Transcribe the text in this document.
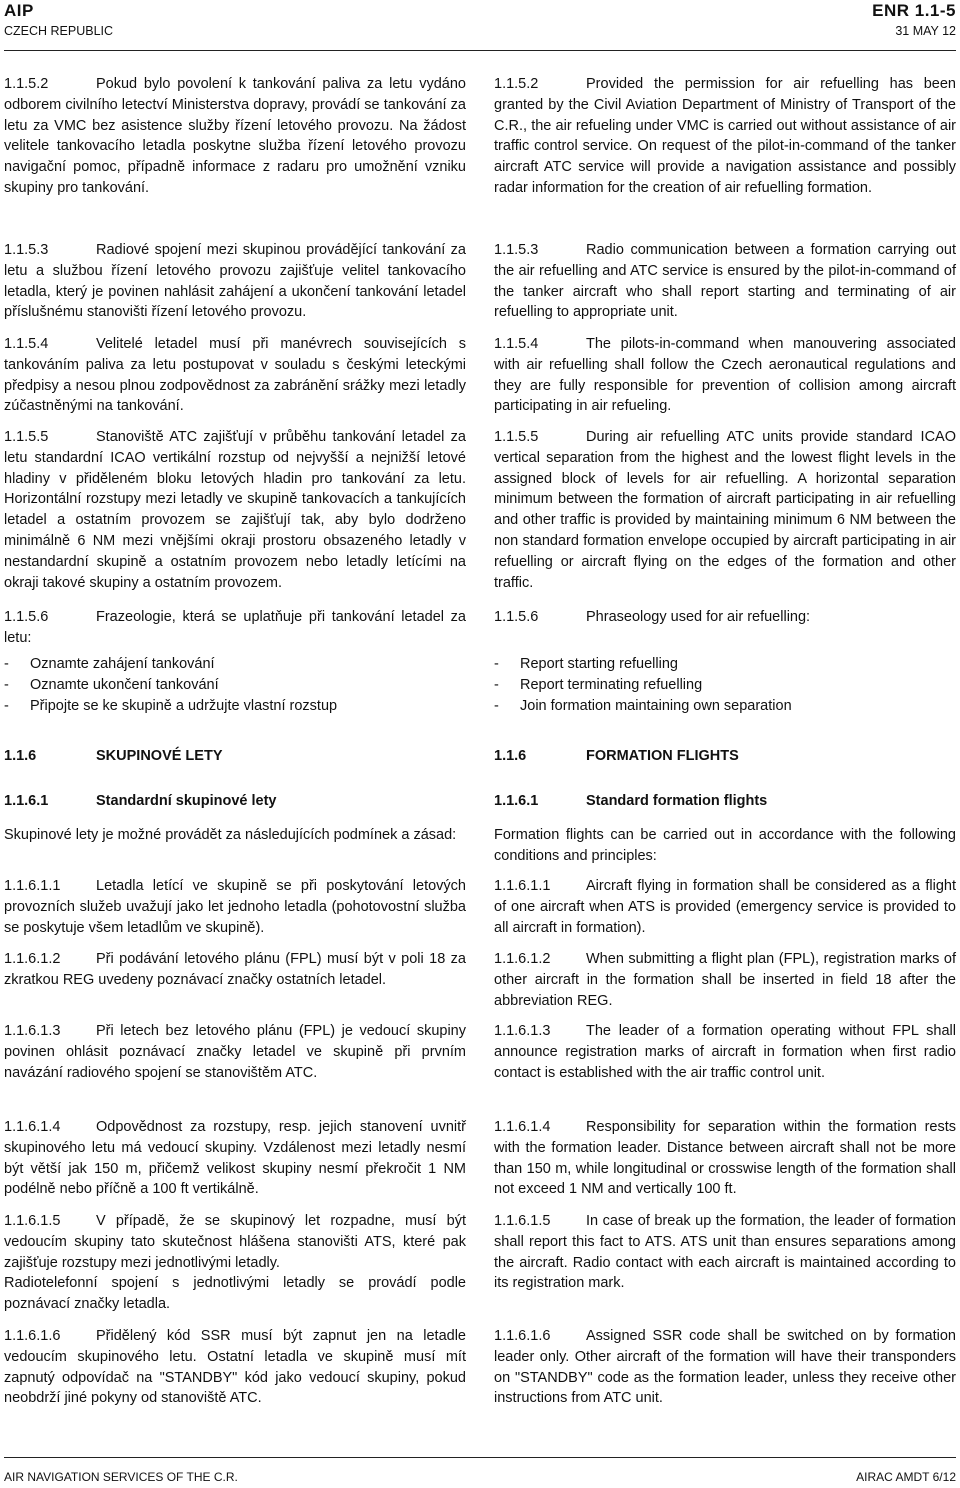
AIP
CZECH REPUBLIC
ENR 1.1-5
31 MAY 12
1.1.5.2	Pokud bylo povolení k tankování paliva za letu vydáno odborem civilního letectví Ministerstva dopravy, provádí se tankování za letu za VMC bez asistence služby řízení letového provozu. Na žádost velitele tankovacího letadla poskytne služba řízení letového provozu navigační pomoc, případně informace z radaru pro umožnění vzniku skupiny pro tankování.
1.1.5.3	Radiové spojení mezi skupinou provádějící tankování za letu a službou řízení letového provozu zajišťuje velitel tankovacího letadla, který je povinen nahlásit zahájení a ukončení tankování letadel příslušnému stanovišti řízení letového provozu.
1.1.5.4	Velitelé letadel musí při manévrech souvisejících s tankováním paliva za letu postupovat v souladu s českými leteckými předpisy a nesou plnou zodpovědnost za zabránění srážky mezi letadly zúčastněnými na tankování.
1.1.5.5	Stanoviště ATC zajišťují v průběhu tankování letadel za letu standardní ICAO vertikální rozstup od nejvyšší a nejnižší letové hladiny v přiděleném bloku letových hladin pro tankování za letu. Horizontální rozstupy mezi letadly ve skupině tankovacích a tankujících letadel a ostatním provozem se zajišťují tak, aby bylo dodrženo minimálně 6 NM mezi vnějšími okraji prostoru obsazeného letadly v nestandardní skupině a ostatním provozem nebo letadly letícími na okraji takové skupiny a ostatním provozem.
1.1.5.6	Frazeologie, která se uplatňuje při tankování letadel za letu:
-	Oznamte zahájení tankování
-	Oznamte ukončení tankování
-	Připojte se ke skupině a udržujte vlastní rozstup
1.1.6	SKUPINOVÉ LETY
1.1.6.1	Standardní skupinové lety
Skupinové lety je možné provádět za následujících podmínek a zásad:
1.1.6.1.1 Letadla letící ve skupině se při poskytování letových provozních služeb uvažují jako let jednoho letadla (pohotovostní služba se poskytuje všem letadlům ve skupině).
1.1.6.1.2 Při podávání letového plánu (FPL) musí být v poli 18 za zkratkou REG uvedeny poznávací značky ostatních letadel.
1.1.6.1.3 Při letech bez letového plánu (FPL) je vedoucí skupiny povinen ohlásit poznávací značky letadel ve skupině při prvním navázání radiového spojení se stanovištěm ATC.
1.1.6.1.4 Odpovědnost za rozstupy, resp. jejich stanovení uvnitř skupinového letu má vedoucí skupiny. Vzdálenost mezi letadly nesmí být větší jak 150 m, přičemž velikost skupiny nesmí překročit 1 NM podélně nebo příčně a 100 ft vertikálně.
1.1.6.1.5 V případě, že se skupinový let rozpadne, musí být vedoucím skupiny tato skutečnost hlášena stanovišti ATS, které pak zajišťuje rozstupy mezi jednotlivými letadly.
Radiotelefonní spojení s jednotlivými letadly se provádí podle poznávací značky letadla.
1.1.6.1.6 Přidělený kód SSR musí být zapnut jen na letadle vedoucím skupinového letu. Ostatní letadla ve skupině musí mít zapnutý odpovídač na "STANDBY" kód jako vedoucí skupiny, pokud neobdrží jiné pokyny od stanoviště ATC.
1.1.5.2	Provided the permission for air refuelling has been granted by the Civil Aviation Department of Ministry of Transport of the C.R., the air refueling under VMC is carried out without assistance of air traffic control service. On request of the pilot-in-command of the tanker aircraft ATC service will provide a navigation assistance and possibly radar information for the creation of air refuelling formation.
1.1.5.3	Radio communication between a formation carrying out the air refuelling and ATC service is ensured by the pilot-in-command of the tanker aircraft who shall report starting and terminating of air refuelling to appropriate unit.
1.1.5.4	The pilots-in-command when manouvering associated with air refuelling shall follow the Czech aeronautical regulations and they are fully responsible for prevention of collision among aircraft participating in air refueling.
1.1.5.5	During air refuelling ATC units provide standard ICAO vertical separation from the highest and the lowest flight levels in the assigned block of levels for air refuelling. A horizontal separation minimum between the formation of aircraft participating in air refuelling and other traffic is provided by maintaining minimum 6 NM between the non standard formation envelope occupied by aircraft participating in air refuelling or aircraft flying on the edges of the formation and other traffic.
1.1.5.6	Phraseology used for air refuelling:
-	Report starting refuelling
-	Report terminating refuelling
-	Join formation maintaining own separation
1.1.6	FORMATION FLIGHTS
1.1.6.1	Standard formation flights
Formation flights can be carried out in accordance with the following conditions and principles:
1.1.6.1.1 Aircraft flying in formation shall be considered as a flight of one aircraft when ATS is provided (emergency service is provided to all aircraft in formation).
1.1.6.1.2 When submitting a flight plan (FPL), registration marks of other aircraft in the formation shall be inserted in field 18 after the abbreviation REG.
1.1.6.1.3 The leader of a formation operating without FPL shall announce registration marks of aircraft in formation when first radio contact is established with the air traffic control unit.
1.1.6.1.4 Responsibility for separation within the formation rests with the formation leader. Distance between aircraft shall not be more than 150 m, while longitudinal or crosswise length of the formation shall not exceed 1 NM and vertically 100 ft.
1.1.6.1.5 In case of break up the formation, the leader of formation shall report this fact to ATS. ATS unit than ensures separations among the aircraft. Radio contact with each aircraft is maintained according to its registration mark.
1.1.6.1.6 Assigned SSR code shall be switched on by formation leader only. Other aircraft of the formation will have their transponders on "STANDBY" code as the formation leader, unless they receive other instructions from ATC unit.
AIR NAVIGATION SERVICES OF THE C.R.	AIRAC AMDT 6/12
